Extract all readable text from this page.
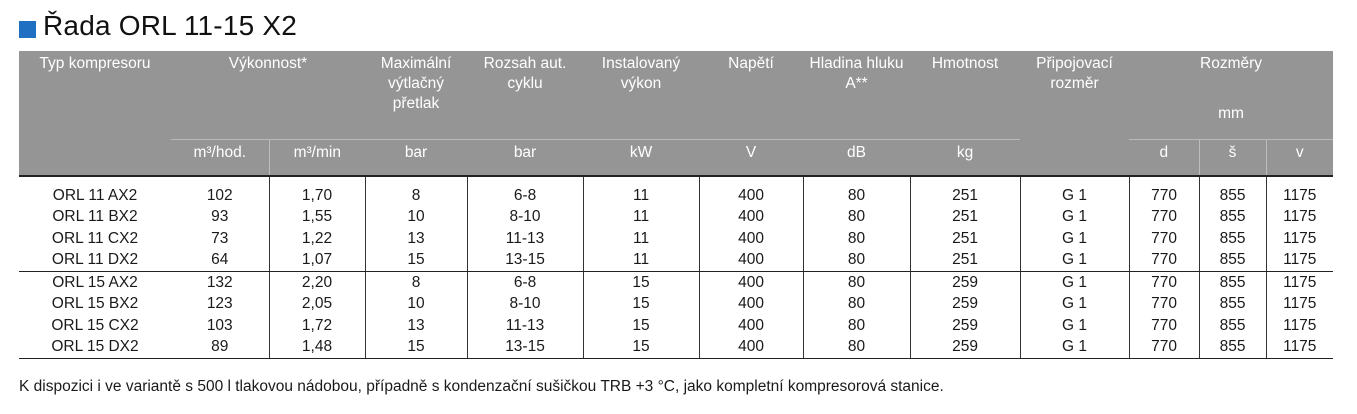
Řada ORL 11-15 X2
Typ kompresoru	Výkonnost*		Maximální výtlačný přetlak	Rozsah aut. cyklu	Instalovaný výkon	Napětí	Hladina hluku A**	Hmotnost	Připojovací rozměr	Rozměry
mm		

	m³/hod.	m³/min	bar	bar	kW	V	dB	kg		d	š	v

ORL 11 AX2	102	1,70	8	6-8	11	400	80	251	G 1	770	855	1175
ORL 11 BX2	93	1,55	10	8-10	11	400	80	251	G 1	770	855	1175
ORL 11 CX2	73	1,22	13	11-13	11	400	80	251	G 1	770	855	1175
ORL 11 DX2	64	1,07	15	13-15	11	400	80	251	G 1	770	855	1175
ORL 15 AX2	132	2,20	8	6-8	15	400	80	259	G 1	770	855	1175
ORL 15 BX2	123	2,05	10	8-10	15	400	80	259	G 1	770	855	1175
ORL 15 CX2	103	1,72	13	11-13	15	400	80	259	G 1	770	855	1175
ORL 15 DX2	89	1,48	15	13-15	15	400	80	259	G 1	770	855	1175
K dispozici i ve variantě s 500 l tlakovou nádobou, případně s kondenzační sušičkou TRB +3 °C, jako kompletní kompresorová stanice.
